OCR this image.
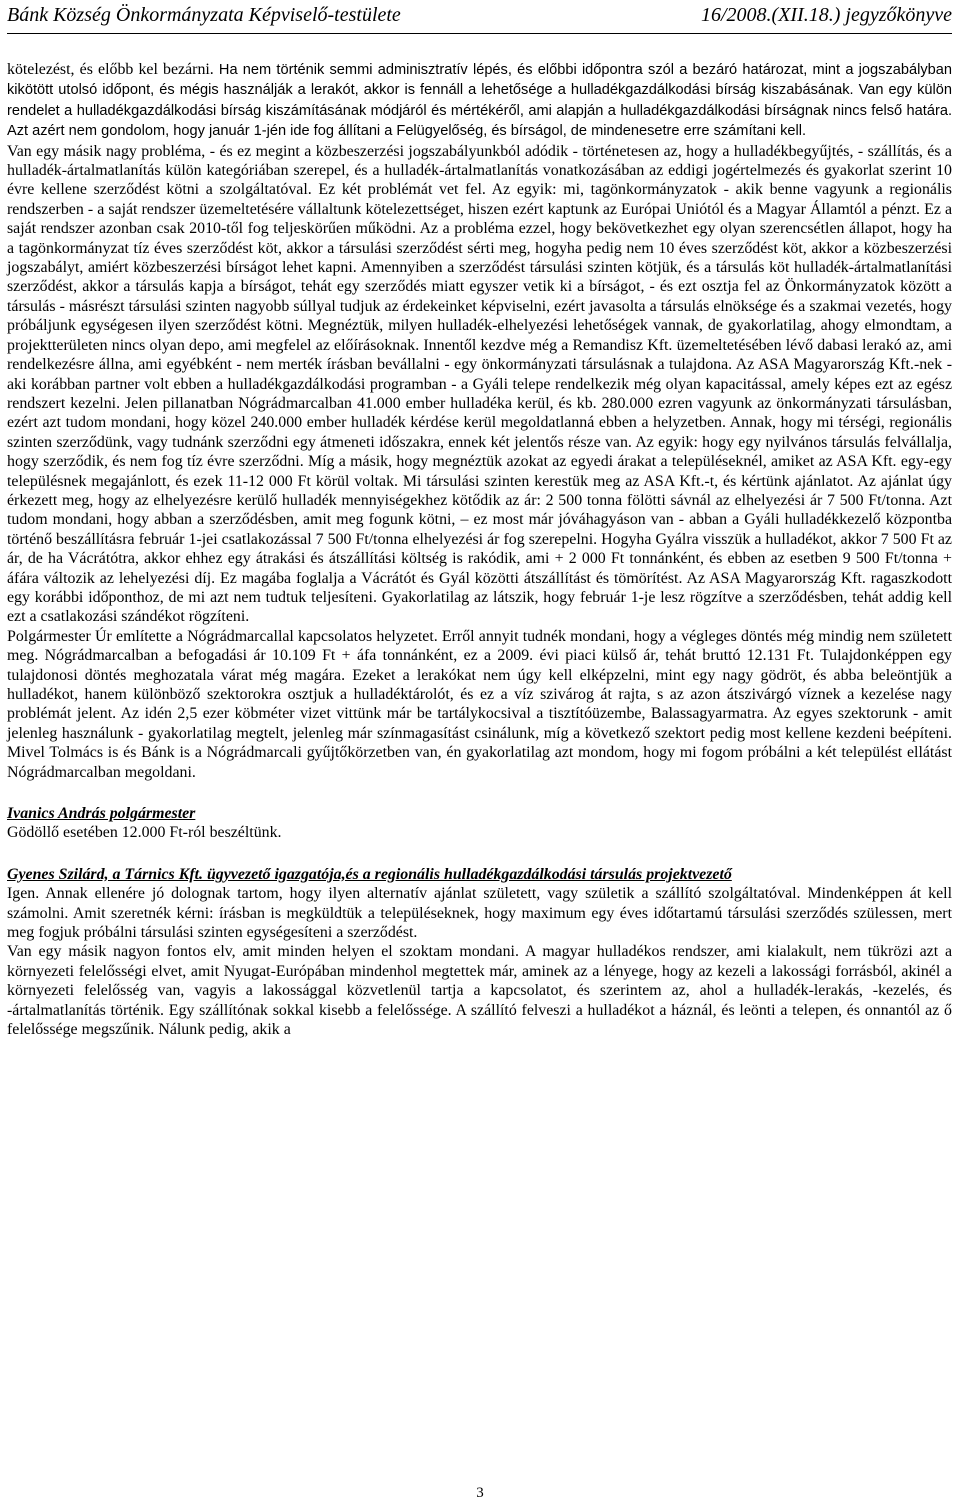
Bánk Község Önkormányzata Képviselő-testülete	16/2008.(XII.18.) jegyzőkönyve

kötelezést, és előbb kel bezárni. Ha nem történik semmi adminisztratív lépés, és előbbi időpontra szól a bezáró határozat, mint a jogszabályban kikötött utolsó időpont, és mégis használják a lerakót, akkor is fennáll a lehetősége a hulladékgazdálkodási bírság kiszabásának. Van egy külön rendelet a hulladékgazdálkodási bírság kiszámításának módjáról és mértékéről, ami alapján a hulladékgazdálkodási bírságnak nincs felső határa. Azt azért nem gondolom, hogy január 1-jén ide fog állítani a Felügyelőség, és bírságol, de mindenesetre erre számítani kell.

Van egy másik nagy probléma, - és ez megint a közbeszerzési jogszabályunkból adódik - történetesen az, hogy a hulladékbegyűjtés, - szállítás, és a hulladék-ártalmatlanítás külön kategóriában szerepel, és a hulladék-ártalmatlanítás vonatkozásában az eddigi jogértelmezés és gyakorlat szerint 10 évre kellene szerződést kötni a szolgáltatóval. Ez két problémát vet fel. Az egyik: mi, tagönkormányzatok - akik benne vagyunk a regionális rendszerben - a saját rendszer üzemeltetésére vállaltunk kötelezettséget, hiszen ezért kaptunk az Európai Uniótól és a Magyar Államtól a pénzt. Ez a saját rendszer azonban csak 2010-től fog teljeskörűen működni. Az a probléma ezzel, hogy bekövetkezhet egy olyan szerencsétlen állapot, hogy ha a tagönkormányzat tíz éves szerződést köt, akkor a társulási szerződést sérti meg, hogyha pedig nem 10 éves szerződést köt, akkor a közbeszerzési jogszabályt, amiért közbeszerzési bírságot lehet kapni. Amennyiben a szerződést társulási szinten kötjük, és a társulás köt hulladék-ártalmatlanítási szerződést, akkor a társulás kapja a bírságot, tehát egy szerződés miatt egyszer vetik ki a bírságot, - és ezt osztja fel az Önkormányzatok között a társulás - másrészt társulási szinten nagyobb súllyal tudjuk az érdekeinket képviselni, ezért javasolta a társulás elnöksége és a szakmai vezetés, hogy próbáljunk egységesen ilyen szerződést kötni. Megnéztük, milyen hulladék-elhelyezési lehetőségek vannak, de gyakorlatilag, ahogy elmondtam, a projektterületen nincs olyan depo, ami megfelel az előírásoknak. Innentől kezdve még a Remandisz Kft. üzemeltetésében lévő dabasi lerakó az, ami rendelkezésre állna, ami egyébként - nem merték írásban bevállalni - egy önkormányzati társulásnak a tulajdona. Az ASA Magyarország Kft.-nek - aki korábban partner volt ebben a hulladékgazdálkodási programban - a Gyáli telepe rendelkezik még olyan kapacitással, amely képes ezt az egész rendszert kezelni. Jelen pillanatban Nógrádmarcalban 41.000 ember hulladéka kerül, és kb. 280.000 ezren vagyunk az önkormányzati társulásban, ezért azt tudom mondani, hogy közel 240.000 ember hulladék kérdése kerül megoldatlanná ebben a helyzetben. Annak, hogy mi térségi, regionális szinten szerződünk, vagy tudnánk szerződni egy átmeneti időszakra, ennek két jelentős része van. Az egyik: hogy egy nyilvános társulás felvállalja, hogy szerződik, és nem fog tíz évre szerződni. Míg a másik, hogy megnéztük azokat az egyedi árakat a településeknél, amiket az ASA Kft. egy-egy településnek megajánlott, és ezek 11-12 000 Ft körül voltak. Mi társulási szinten kerestük meg az ASA Kft.-t, és kértünk ajánlatot. Az ajánlat úgy érkezett meg, hogy az elhelyezésre kerülő hulladék mennyiségekhez kötődik az ár: 2 500 tonna fölötti sávnál az elhelyezési ár 7 500 Ft/tonna. Azt tudom mondani, hogy abban a szerződésben, amit meg fogunk kötni, – ez most már jóváhagyáson van - abban a Gyáli hulladékkezelő központba történő beszállításra február 1-jei csatlakozással 7 500 Ft/tonna elhelyezési ár fog szerepelni. Hogyha Gyálra visszük a hulladékot, akkor 7 500 Ft az ár, de ha Vácrátótra, akkor ehhez egy átrakási és átszállítási költség is rakódik, ami + 2 000 Ft tonnánként, és ebben az esetben 9 500 Ft/tonna + áfára változik az lehelyezési díj. Ez magába foglalja a Vácrátót és Gyál közötti átszállítást és tömörítést. Az ASA Magyarország Kft. ragaszkodott egy korábbi időponthoz, de mi azt nem tudtuk teljesíteni. Gyakorlatilag az látszik, hogy február 1-je lesz rögzítve a szerződésben, tehát addig kell ezt a csatlakozási szándékot rögzíteni.

Polgármester Úr említette a Nógrádmarcallal kapcsolatos helyzetet. Erről annyit tudnék mondani, hogy a végleges döntés még mindig nem született meg. Nógrádmarcalban a befogadási ár 10.109 Ft + áfa tonnánként, ez a 2009. évi piaci külső ár, tehát bruttó 12.131 Ft. Tulajdonképpen egy tulajdonosi döntés meghozatala várat még magára. Ezeket a lerakókat nem úgy kell elképzelni, mint egy nagy gödröt, és abba beleöntjük a hulladékot, hanem különböző szektorokra osztjuk a hulladéktárolót, és ez a víz szivárog át rajta, s az azon átszivárgó víznek a kezelése nagy problémát jelent. Az idén 2,5 ezer köbméter vizet vittünk már be tartálykocsival a tisztítóüzembe, Balassagyarmatra. Az egyes szektorunk - amit jelenleg használunk - gyakorlatilag megtelt, jelenleg már színmagasítást csinálunk, míg a következő szektort pedig most kellene kezdeni beépíteni. Mivel Tolmács is és Bánk is a Nógrádmarcali gyűjtőkörzetben van, én gyakorlatilag azt mondom, hogy mi fogom próbálni a két települést ellátást Nógrádmarcalban megoldani.

Ivanics András polgármester

Gödöllő esetében 12.000 Ft-ról beszéltünk.

Gyenes Szilárd, a Tárnics Kft. ügyvezető igazgatója,és a regionális hulladékgazdálkodási társulás projektvezető

Igen. Annak ellenére jó dolognak tartom, hogy ilyen alternatív ajánlat született, vagy születik a szállító szolgáltatóval. Mindenképpen át kell számolni. Amit szeretnék kérni: írásban is megküldtük a településeknek, hogy maximum egy éves időtartamú társulási szerződés szülessen, mert meg fogjuk próbálni társulási szinten egységesíteni a szerződést.

Van egy másik nagyon fontos elv, amit minden helyen el szoktam mondani. A magyar hulladékos rendszer, ami kialakult, nem tükrözi azt a környezeti felelősségi elvet, amit Nyugat-Európában mindenhol megtettek már, aminek az a lényege, hogy az kezeli a lakossági forrásból, akinél a környezeti felelősség van, vagyis a lakossággal közvetlenül tartja a kapcsolatot, és szerintem az, ahol a hulladék-lerakás, -kezelés, és -ártalmatlanítás történik. Egy szállítónak sokkal kisebb a felelőssége. A szállító felveszi a hulladékot a háznál, és leönti a telepen, és onnantól az ő felelőssége megszűnik. Nálunk pedig, akik a

3
